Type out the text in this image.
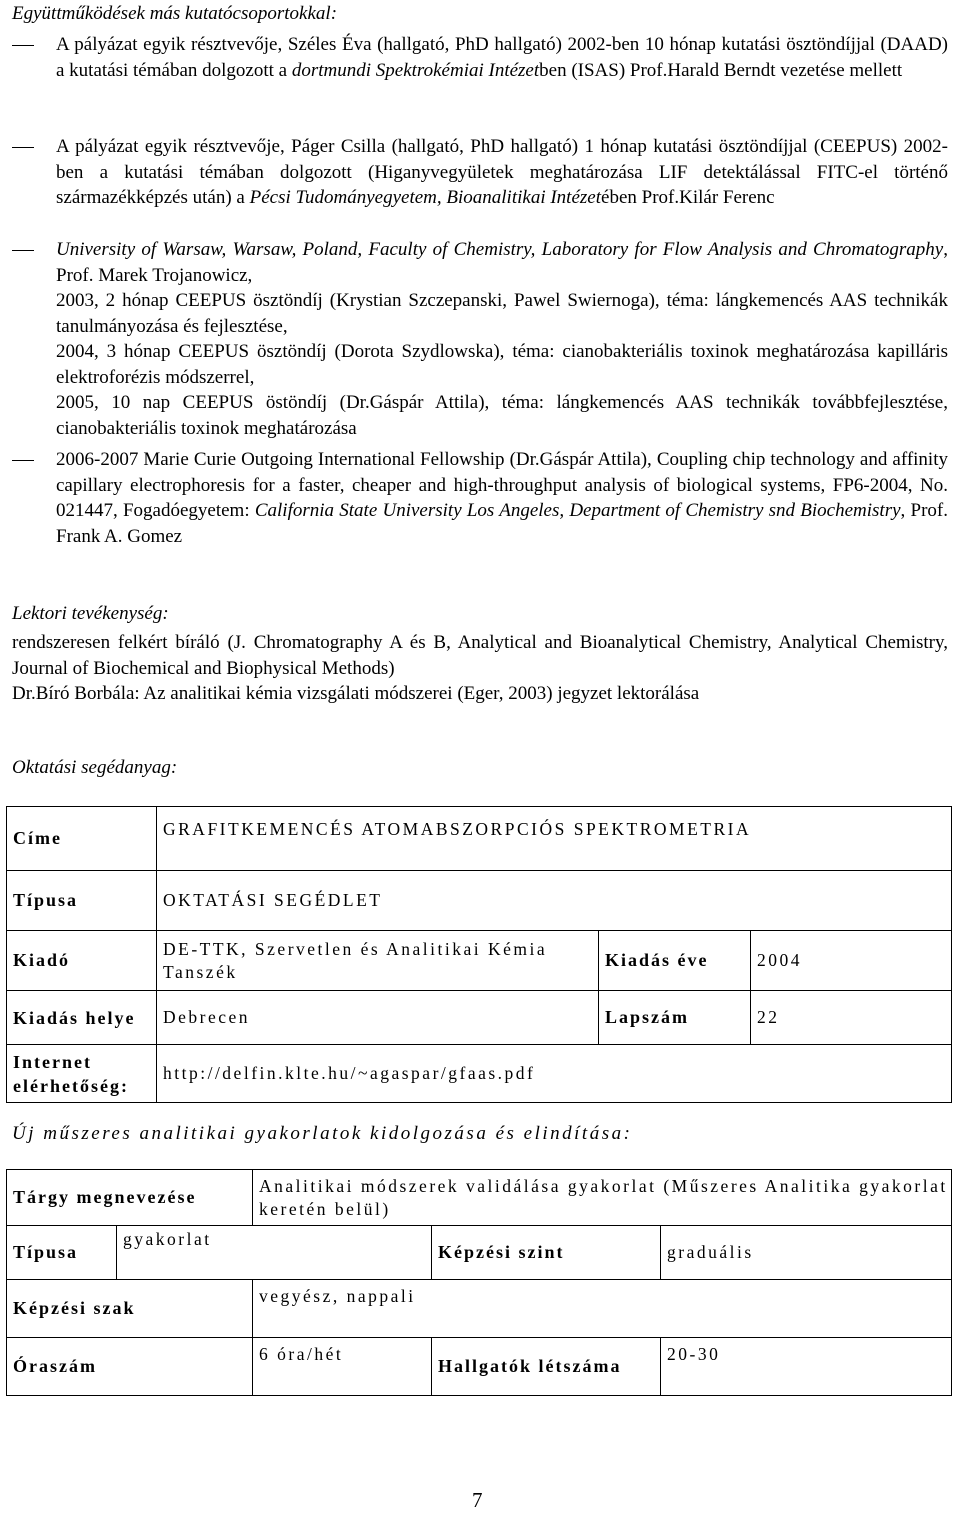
Együttműködések más kutatócsoportokkal:
A pályázat egyik résztvevője, Széles Éva (hallgató, PhD hallgató) 2002-ben 10 hónap kutatási ösztöndíjjal (DAAD) a kutatási témában dolgozott a dortmundi Spektrokémiai Intézetben (ISAS) Prof.Harald Berndt vezetése mellett
A pályázat egyik résztvevője, Páger Csilla (hallgató, PhD hallgató) 1 hónap kutatási ösztöndíjjal (CEEPUS) 2002-ben a kutatási témában dolgozott (Higanyvegyületek meghatározása LIF detektálással FITC-el történő származékképzés után) a Pécsi Tudományegyetem, Bioanalitikai Intézetében Prof.Kilár Ferenc
University of Warsaw, Warsaw, Poland, Faculty of Chemistry, Laboratory for Flow Analysis and Chromatography, Prof. Marek Trojanowicz,
2003, 2 hónap CEEPUS ösztöndíj (Krystian Szczepanski, Pawel Swiernoga), téma: lángkemencés AAS technikák tanulmányozása és fejlesztése,
2004, 3 hónap CEEPUS ösztöndíj (Dorota Szydlowska), téma: cianobakteriális toxinok meghatározása kapilláris elektroforézis módszerrel,
2005, 10 nap CEEPUS östöndíj (Dr.Gáspár Attila), téma: lángkemencés AAS technikák továbbfejlesztése, cianobakteriális toxinok meghatározása
2006-2007 Marie Curie Outgoing International Fellowship (Dr.Gáspár Attila), Coupling chip technology and affinity capillary electrophoresis for a faster, cheaper and high-throughput analysis of biological systems, FP6-2004, No. 021447, Fogadóegyetem: California State University Los Angeles, Department of Chemistry snd Biochemistry, Prof. Frank A. Gomez
Lektori tevékenység:
rendszeresen felkért bíráló (J. Chromatography A és B, Analytical and Bioanalytical Chemistry, Analytical Chemistry, Journal of Biochemical and Biophysical Methods)
Dr.Bíró Borbála: Az analitikai kémia vizsgálati módszerei (Eger, 2003) jegyzet lektorálása
Oktatási segédanyag:
Címe	GRAFITKEMENCÉS ATOMABSZORPCIÓS SPEKTROMETRIA		
Típusa	OKTATÁSI SEGÉDLET		
Kiadó	DE-TTK, Szervetlen és Analitikai Kémia Tanszék	Kiadás éve	2004
Kiadás helye	Debrecen	Lapszám	22
Internet elérhetőség:	http://delfin.klte.hu/~agaspar/gfaas.pdf		
Új műszeres analitikai gyakorlatok kidolgozása és elindítása:
Tárgy megnevezése		Analitikai módszerek validálása gyakorlat (Műszeres Analitika gyakorlat keretén belül)		
Típusa	gyakorlat		Képzési szint	graduális
Képzési szak		vegyész, nappali		
Óraszám		6 óra/hét	Hallgatók létszáma	20-30
7
